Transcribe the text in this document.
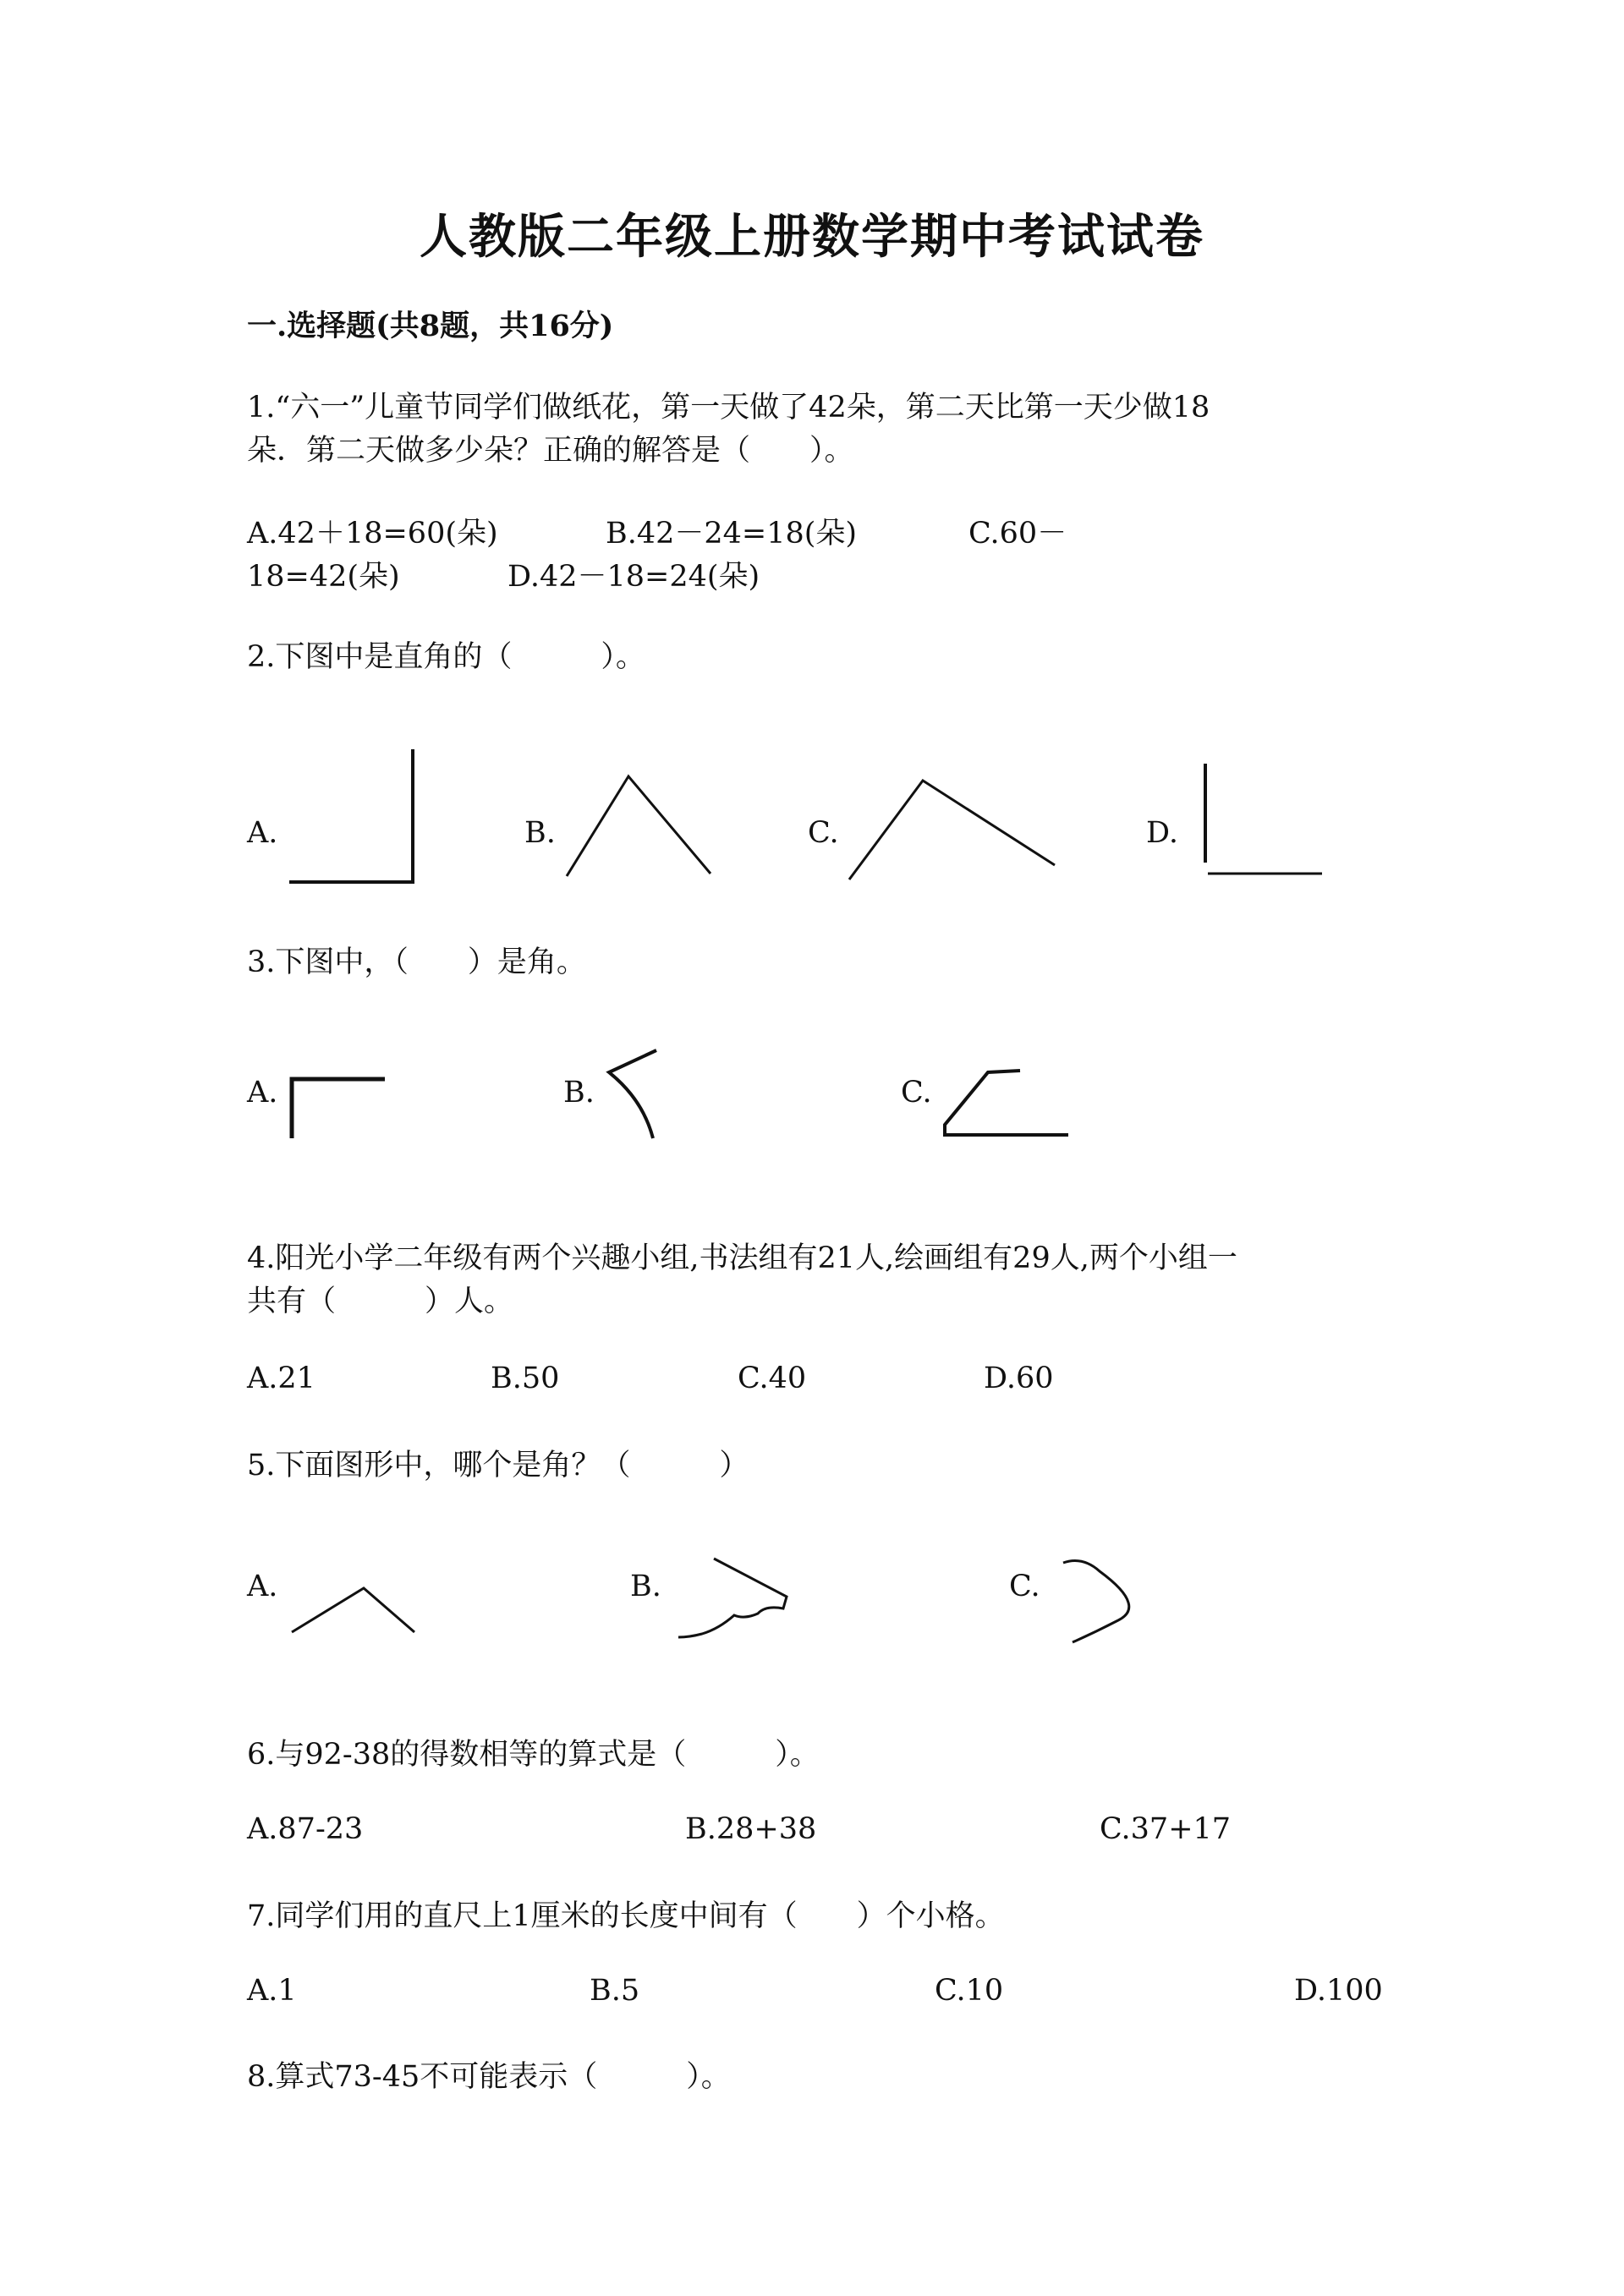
人教版二年级上册数学期中考试试卷
一.选择题(共8题，共16分)
1.“六一”儿童节同学们做纸花，第一天做了42朵，第二天比第一天少做18
朵．第二天做多少朵？正确的解答是（　　）。
A.42＋18=60(朵)	B.42－24=18(朵)	C.60－
18=42(朵)	D.42－18=24(朵)
2.下图中是直角的（　　　）。
A.	B.	C.	D.
3.下图中，（　　）是角。
A.	B.	C.
4.阳光小学二年级有两个兴趣小组,书法组有21人,绘画组有29人,两个小组一
共有（　　　）人。
A.21	B.50	C.40	D.60
5.下面图形中，哪个是角？（　　　）
A.	B.	C.
6.与92-38的得数相等的算式是（　　　）。
A.87-23	B.28+38	C.37+17
7.同学们用的直尺上1厘米的长度中间有（　　）个小格。
A.1	B.5	C.10	D.100
8.算式73-45不可能表示（　　　）。
